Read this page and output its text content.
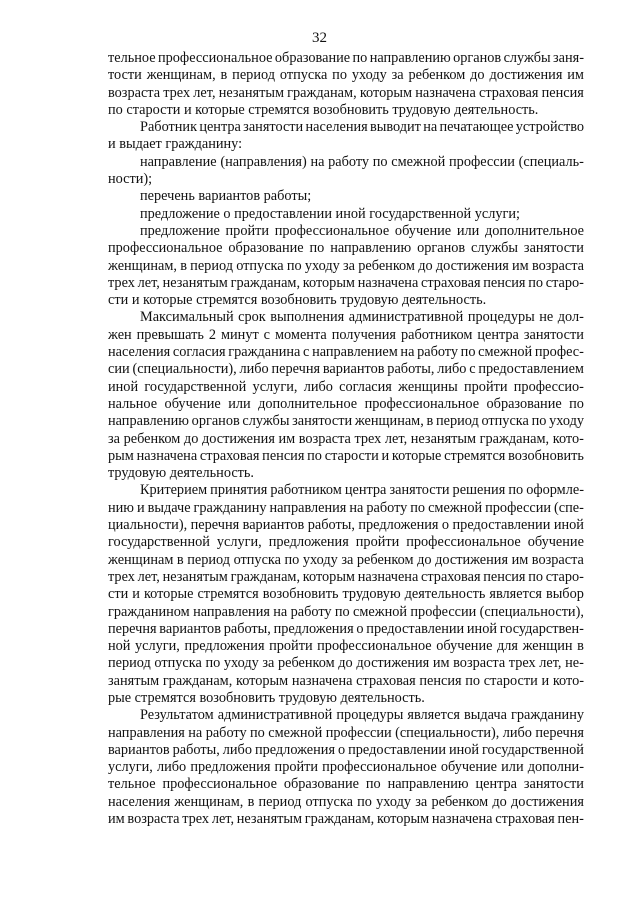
32
тельное профессиональное образование по направлению органов службы заня-
тости женщинам, в период отпуска по уходу за ребенком до достижения им
возраста трех лет, незанятым гражданам, которым назначена страховая пенсия
по старости и которые стремятся возобновить трудовую деятельность.
Работник центра занятости населения выводит на печатающее устройство
и выдает гражданину:
направление (направления) на работу по смежной профессии (специаль-
ности);
перечень вариантов работы;
предложение о предоставлении иной государственной услуги;
предложение пройти профессиональное обучение или дополнительное
профессиональное образование по направлению органов службы занятости
женщинам, в период отпуска по уходу за ребенком до достижения им возраста
трех лет, незанятым гражданам, которым назначена страховая пенсия по старо-
сти и которые стремятся возобновить трудовую деятельность.
Максимальный срок выполнения административной процедуры не дол-
жен превышать 2 минут с момента получения работником центра занятости
населения согласия гражданина с направлением на работу по смежной профес-
сии (специальности), либо перечня вариантов работы, либо с предоставлением
иной государственной услуги, либо согласия женщины пройти профессио-
нальное обучение или дополнительное профессиональное образование по
направлению органов службы занятости женщинам, в период отпуска по уходу
за ребенком до достижения им возраста трех лет, незанятым гражданам, кото-
рым назначена страховая пенсия по старости и которые стремятся возобновить
трудовую деятельность.
Критерием принятия работником центра занятости решения по оформле-
нию и выдаче гражданину направления на работу по смежной профессии (спе-
циальности), перечня вариантов работы, предложения о предоставлении иной
государственной услуги, предложения пройти профессиональное обучение
женщинам в период отпуска по уходу за ребенком до достижения им возраста
трех лет, незанятым гражданам, которым назначена страховая пенсия по старо-
сти и которые стремятся возобновить трудовую деятельность является выбор
гражданином направления на работу по смежной профессии (специальности),
перечня вариантов работы, предложения о предоставлении иной государствен-
ной услуги, предложения пройти профессиональное обучение для женщин в
период отпуска по уходу за ребенком до достижения им возраста трех лет, не-
занятым гражданам, которым назначена страховая пенсия по старости и кото-
рые стремятся возобновить трудовую деятельность.
Результатом административной процедуры является выдача гражданину
направления на работу по смежной профессии (специальности), либо перечня
вариантов работы, либо предложения о предоставлении иной государственной
услуги, либо предложения пройти профессиональное обучение или дополни-
тельное профессиональное образование по направлению центра занятости
населения женщинам, в период отпуска по уходу за ребенком до достижения
им возраста трех лет, незанятым гражданам, которым назначена страховая пен-
